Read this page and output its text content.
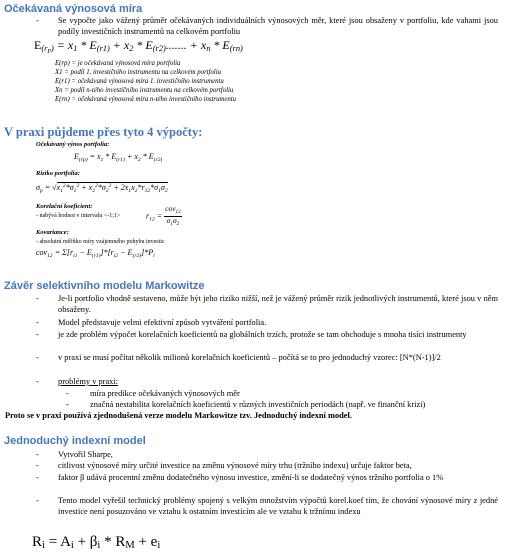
Očekávaná výnosová míra
- Se vypočte jako vážený průměr očekávaných individuálních výnosových měr, které jsou obsaženy v portfoliu, kde vahami jsou podíly investičních instrumentů na celkovém portfoliu
$E_{(r_P)} = x_1 * E_{(r1)} + x_2 * E_{(r2)}$....... + $x_n * E_{(rn)}$
E(rp) = je očekávaná výnosová míra portfolia
X1 = podíl 1. investičního instrumentu na celkovém portfoliu
E(r1) = očekávaná výnosová míra 1. investičního instrumentu
Xn = podíl n-tého investičního instrumentu na celkovém portfoliu
E(rn) = očekávaná výnosová míra n-tého investičního instrumentu
V praxi půjdeme přes tyto 4 výpočty:
Očekávaný výnos portfolia:
$E_{(rp)} = x_1 * E_{(r1)} + x_2 * E_{(r2)}$
Riziko portfolia:
$\sigma_p = √x_1^2*\sigma_1^2 + x_2^2*\sigma_2^2 + 2x_1x_2*r_{12}*\sigma_1\sigma_2$
Korelační koeficient:
- nabývá hodnot v intervalu <-1;1>	$r_{12} = \frac{cov_{12}}{\sigma_1\sigma_2}$
Kovariance:
- absolutní měřítko míry vzájemného pohybu investic
$cov_{12} = \Sigma[r_{i1} - E_{(r1)}]*[r_{i2} - E_{(r2)}]*P_i$
Závěr selektivního modelu Markowitze
- Je-li portfolio vhodně sestaveno, může být jeho riziko nižší, než je vážený průměr rizik jednotlivých instrumentů, které jsou v něm obsaženy.
- Model představuje velmi efektivní způsob vytváření portfolia.
- je zde problém výpočet korelačních koeficientů na globálních trzích, protože se tam obchoduje s mnoha tisíci instrumenty
- v praxi se musí počítat několik milionů korelačních koeficientů – počítá se to pro jednoduchý vzorec: [N*(N-1)]/2
- problémy v praxi:
- míra predikce očekávaných výnosových měr
- značná nestabilita korelačních koeficientů v různých investičních periodách (např. ve finanční krizi)
Proto se v praxi používá zjednodušená verze modelu Markowitze tzv. Jednoduchý indexní model.
Jednoduchý indexní model
- Vytvořil Sharpe,
- citlivost výnosové míry určité investice na změnu výnosové míry trhu (tržního indexu) určuje faktor beta,
- faktor β udává procentní změnu dodatečného výnosu investice, změní-li se dodatečný výnos tržního portfolia o 1%
- Tento model vyřešil technický problémy spojený s velkým množstvím výpočtů korel.koef tím, že chování výnosové míry z jedné investice není posuzováno ve vztahu k ostatním investicím ale ve vztahu k tržnímu indexu
$R_i = A_i + \beta_i * R_M + e_i$
